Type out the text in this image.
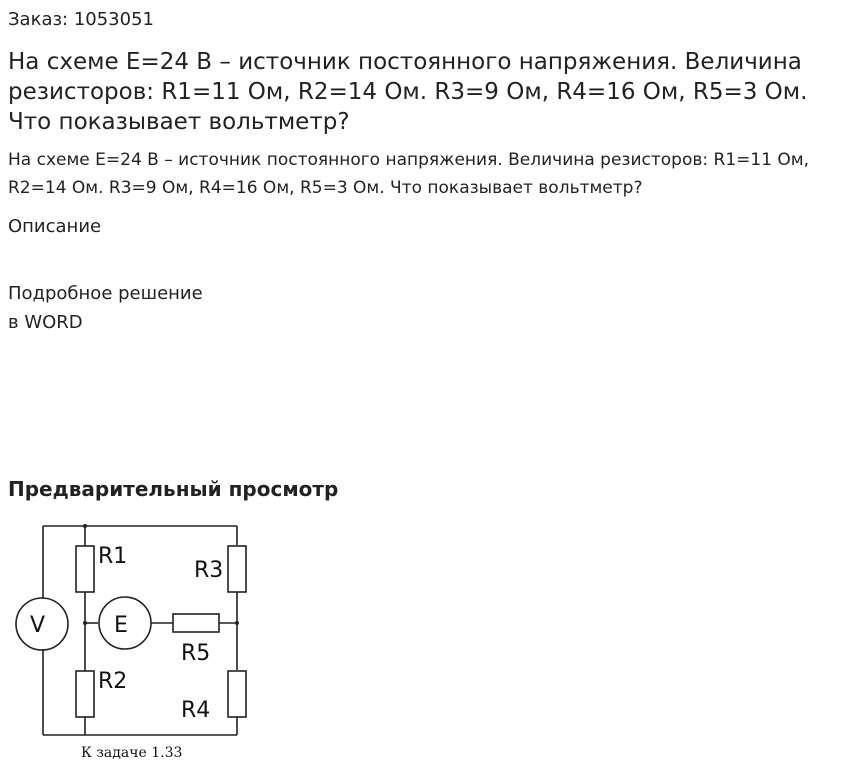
Заказ: 1053051
На схеме E=24 В – источник постоянного напряжения. Величина резисторов: R1=11 Ом, R2=14 Ом. R3=9 Ом, R4=16 Ом, R5=3 Ом. Что показывает вольтметр?
На схеме E=24 В – источник постоянного напряжения. Величина резисторов: R1=11 Ом, R2=14 Ом. R3=9 Ом, R4=16 Ом, R5=3 Ом. Что показывает вольтметр?
Описание
Подробное решение
в WORD
Предварительный просмотр
R1
R2
R3
R4
R5
V	E
К задаче 1.33
